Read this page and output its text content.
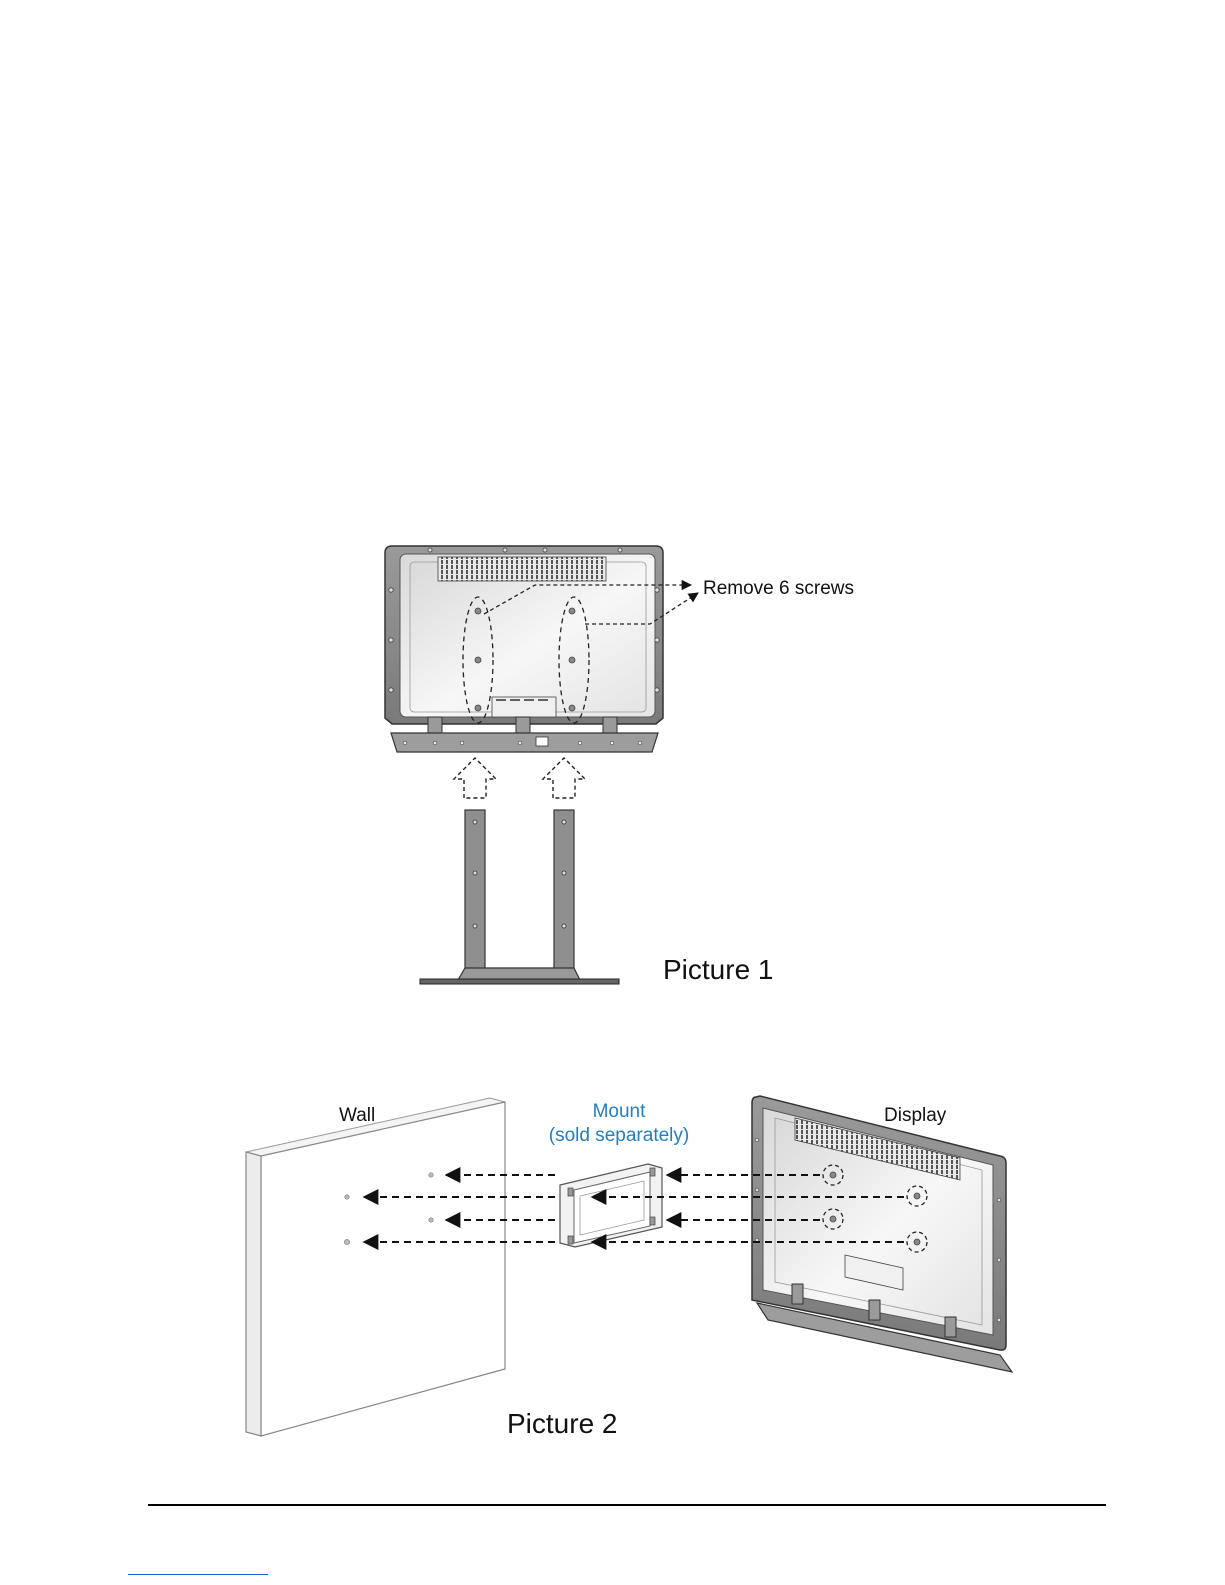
Remove 6 screws
Picture 1
Wall	Mount
(sold separately)
Display
Picture 2
